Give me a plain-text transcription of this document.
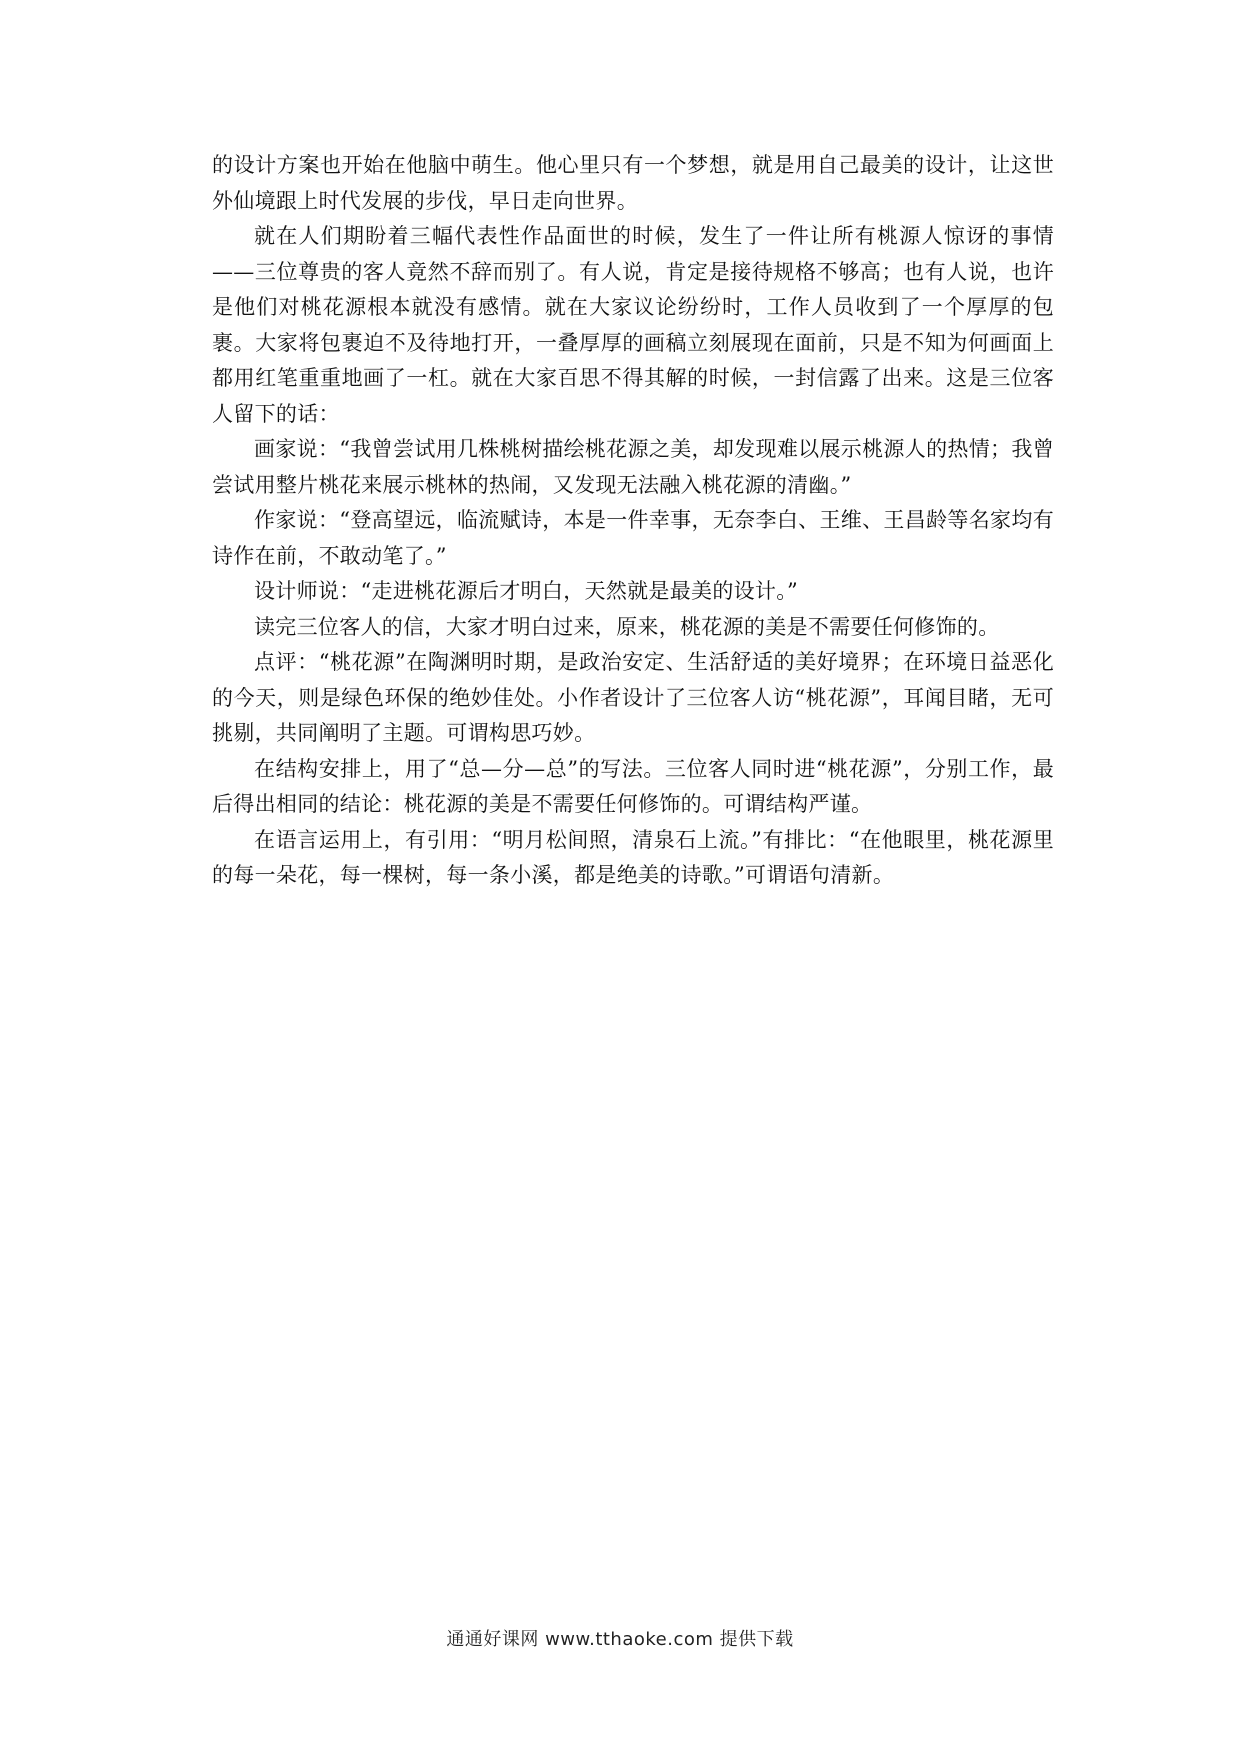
的设计方案也开始在他脑中萌生。他心里只有一个梦想，就是用自己最美的设计，让这世外仙境跟上时代发展的步伐，早日走向世界。

就在人们期盼着三幅代表性作品面世的时候，发生了一件让所有桃源人惊讶的事情——三位尊贵的客人竟然不辞而别了。有人说，肯定是接待规格不够高；也有人说，也许是他们对桃花源根本就没有感情。就在大家议论纷纷时，工作人员收到了一个厚厚的包裹。大家将包裹迫不及待地打开，一叠厚厚的画稿立刻展现在面前，只是不知为何画面上都用红笔重重地画了一杠。就在大家百思不得其解的时候，一封信露了出来。这是三位客人留下的话：

画家说：“我曾尝试用几株桃树描绘桃花源之美，却发现难以展示桃源人的热情；我曾尝试用整片桃花来展示桃林的热闹，又发现无法融入桃花源的清幽。”

作家说：“登高望远，临流赋诗，本是一件幸事，无奈李白、王维、王昌龄等名家均有诗作在前，不敢动笔了。”

设计师说：“走进桃花源后才明白，天然就是最美的设计。”

读完三位客人的信，大家才明白过来，原来，桃花源的美是不需要任何修饰的。

点评：“桃花源”在陶渊明时期，是政治安定、生活舒适的美好境界；在环境日益恶化的今天，则是绿色环保的绝妙佳处。小作者设计了三位客人访“桃花源”，耳闻目睹，无可挑剔，共同阐明了主题。可谓构思巧妙。

在结构安排上，用了“总—分—总”的写法。三位客人同时进“桃花源”，分别工作，最后得出相同的结论：桃花源的美是不需要任何修饰的。可谓结构严谨。

在语言运用上，有引用：“明月松间照，清泉石上流。”有排比：“在他眼里，桃花源里的每一朵花，每一棵树，每一条小溪，都是绝美的诗歌。”可谓语句清新。

通通好课网 www.tthaoke.com 提供下载
